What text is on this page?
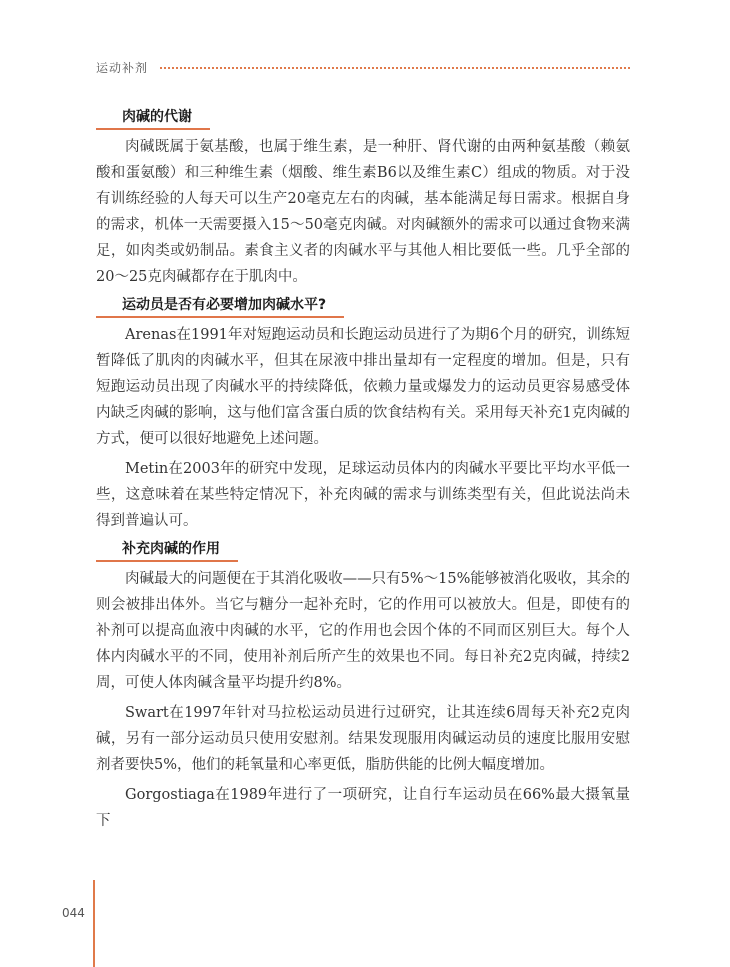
运动补剂
肉碱的代谢

肉碱既属于氨基酸，也属于维生素，是一种肝、肾代谢的由两种氨基酸（赖氨酸和蛋氨酸）和三种维生素（烟酸、维生素B6以及维生素C）组成的物质。对于没有训练经验的人每天可以生产20毫克左右的肉碱，基本能满足每日需求。根据自身的需求，机体一天需要摄入15～50毫克肉碱。对肉碱额外的需求可以通过食物来满足，如肉类或奶制品。素食主义者的肉碱水平与其他人相比要低一些。几乎全部的20～25克肉碱都存在于肌肉中。

运动员是否有必要增加肉碱水平?

Arenas在1991年对短跑运动员和长跑运动员进行了为期6个月的研究，训练短暂降低了肌肉的肉碱水平，但其在尿液中排出量却有一定程度的增加。但是，只有短跑运动员出现了肉碱水平的持续降低，依赖力量或爆发力的运动员更容易感受体内缺乏肉碱的影响，这与他们富含蛋白质的饮食结构有关。采用每天补充1克肉碱的方式，便可以很好地避免上述问题。

Metin在2003年的研究中发现，足球运动员体内的肉碱水平要比平均水平低一些，这意味着在某些特定情况下，补充肉碱的需求与训练类型有关，但此说法尚未得到普遍认可。

补充肉碱的作用

肉碱最大的问题便在于其消化吸收——只有5%～15%能够被消化吸收，其余的则会被排出体外。当它与糖分一起补充时，它的作用可以被放大。但是，即使有的补剂可以提高血液中肉碱的水平，它的作用也会因个体的不同而区别巨大。每个人体内肉碱水平的不同，使用补剂后所产生的效果也不同。每日补充2克肉碱，持续2周，可使人体肉碱含量平均提升约8%。

Swart在1997年针对马拉松运动员进行过研究，让其连续6周每天补充2克肉碱，另有一部分运动员只使用安慰剂。结果发现服用肉碱运动员的速度比服用安慰剂者要快5%，他们的耗氧量和心率更低，脂肪供能的比例大幅度增加。

Gorgostiaga在1989年进行了一项研究，让自行车运动员在66%最大摄氧量下

044
